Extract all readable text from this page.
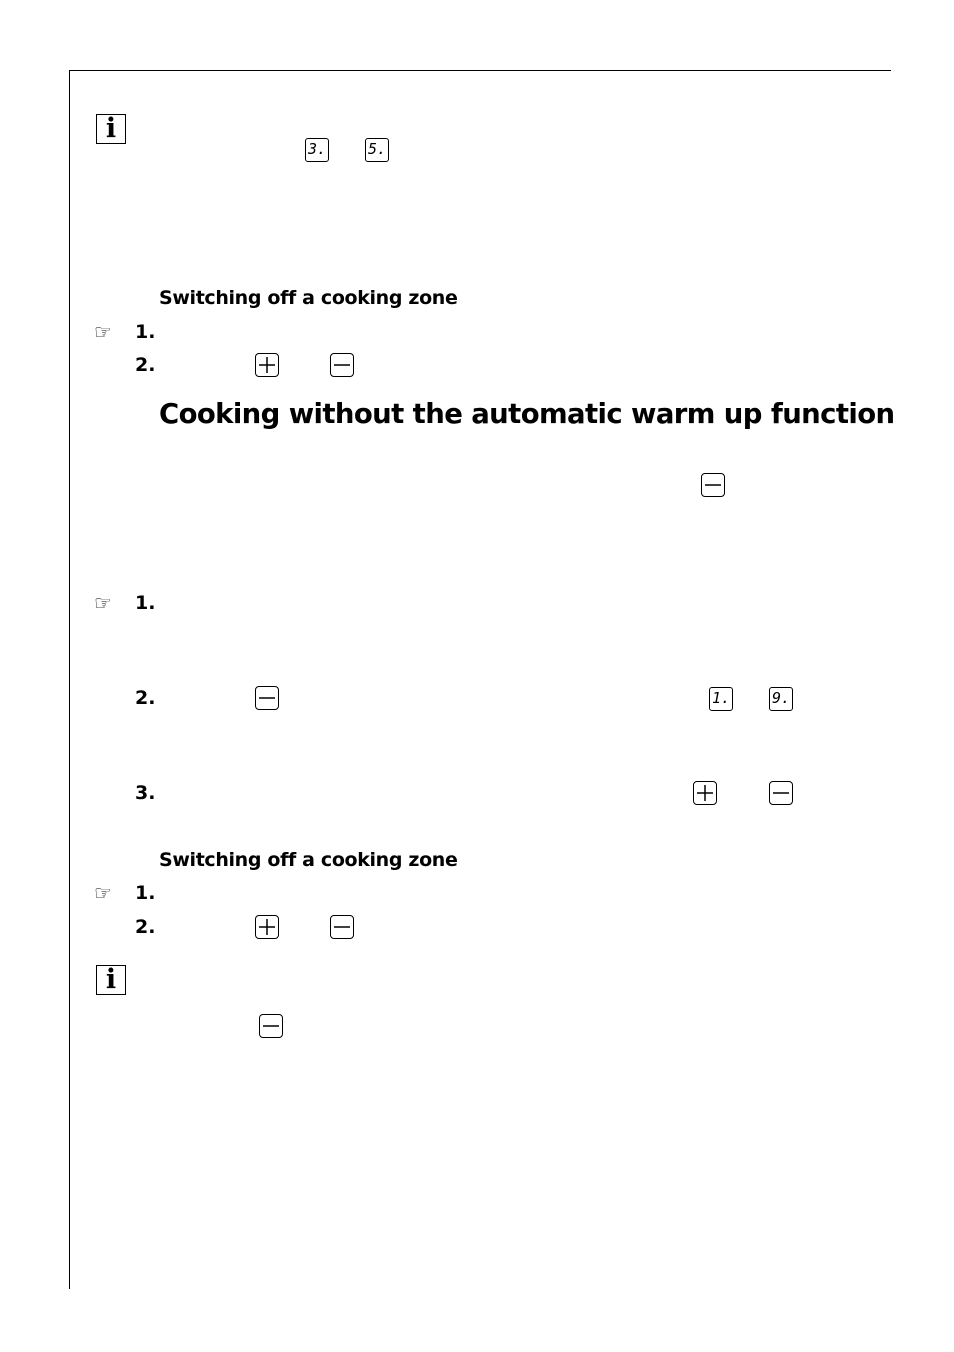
i
3.	5.
Switching off a cooking zone
☞ 1.
2.
Cooking without the automatic warm up function
☞ 1.
2.	1.	9.
3.
Switching off a cooking zone
☞ 1.
2.
i
